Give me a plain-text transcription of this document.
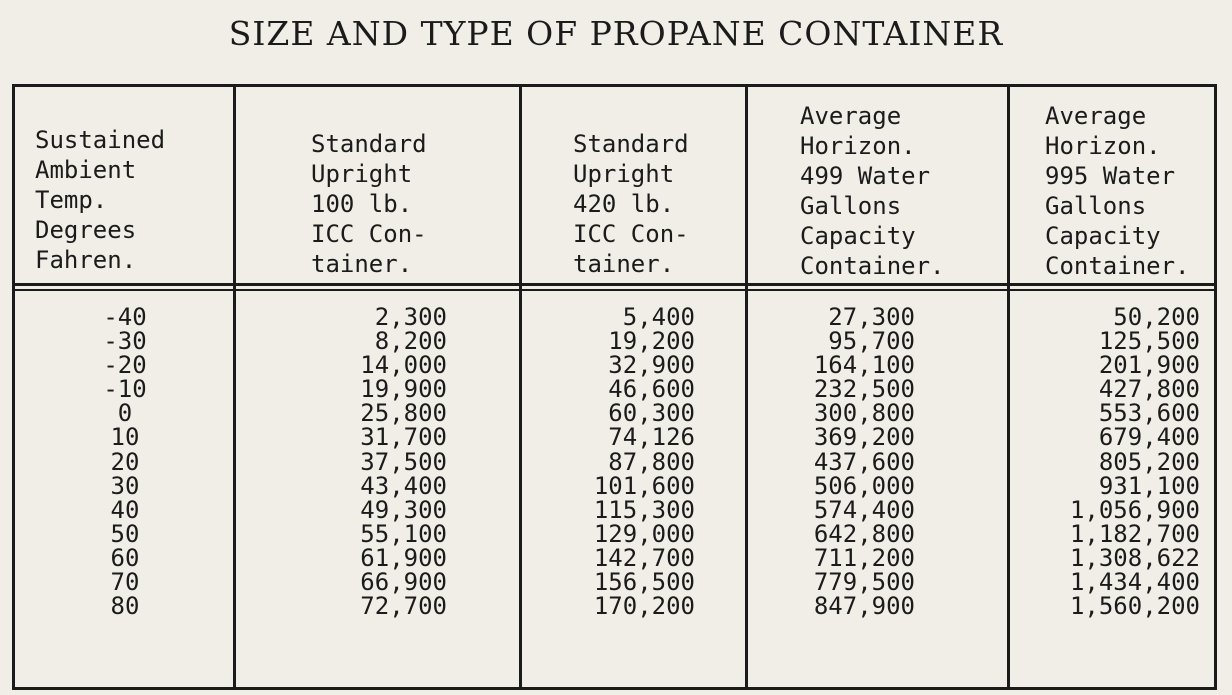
SIZE AND TYPE OF PROPANE CONTAINER
Sustained
Ambient
Temp.
Degrees
Fahren.
Standard
Upright
100 lb.
ICC Con-
tainer.
Standard
Upright
420 lb.
ICC Con-
tainer.
Average
Horizon.
499 Water
Gallons
Capacity
Container.
Average
Horizon.
995 Water
Gallons
Capacity
Container.
-40
-30
-20
-10
0
10
20
30
40
50
60
70
80
2,300
8,200
14,000
19,900
25,800
31,700
37,500
43,400
49,300
55,100
61,900
66,900
72,700
5,400
19,200
32,900
46,600
60,300
74,126
87,800
101,600
115,300
129,000
142,700
156,500
170,200
27,300
95,700
164,100
232,500
300,800
369,200
437,600
506,000
574,400
642,800
711,200
779,500
847,900
50,200
125,500
201,900
427,800
553,600
679,400
805,200
931,100
1,056,900
1,182,700
1,308,622
1,434,400
1,560,200
